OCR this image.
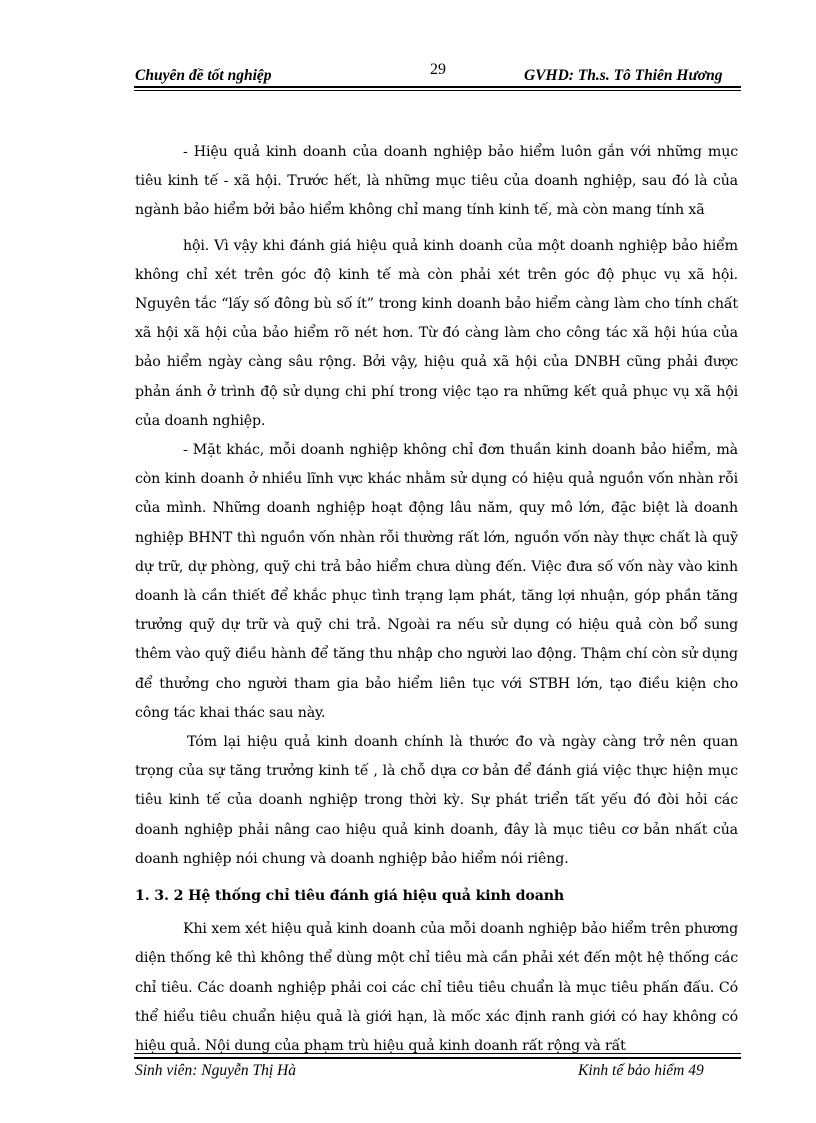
Chuyên đề tốt nghiệp	29	GVHD: Th.s. Tô Thiên Hương

- Hiệu quả kinh doanh của doanh nghiệp bảo hiểm luôn gắn với những mục tiêu kinh tế - xã hội. Trước hết, là những mục tiêu của doanh nghiệp, sau đó là của ngành bảo hiểm bởi bảo hiểm không chỉ mang tính kinh tế, mà còn mang tính xã

hội. Vì vậy khi đánh giá hiệu quả kinh doanh của một doanh nghiệp bảo hiểm không chỉ xét trên góc độ kinh tế mà còn phải xét trên góc độ phục vụ xã hội. Nguyên tắc “lấy số đông bù số ít” trong kinh doanh bảo hiểm càng làm cho tính chất xã hội xã hội của bảo hiểm rõ nét hơn. Từ đó càng làm cho công tác xã hội húa của bảo hiểm ngày càng sâu rộng. Bởi vậy, hiệu quả xã hội của DNBH cũng phải được phản ánh ở trình độ sử dụng chi phí trong việc tạo ra những kết quả phục vụ xã hội của doanh nghiệp.

- Mặt khác, mỗi doanh nghiệp không chỉ đơn thuần kinh doanh bảo hiểm, mà còn kinh doanh ở nhiều lĩnh vực khác nhằm sử dụng có hiệu quả nguồn vốn nhàn rỗi của mình. Những doanh nghiệp hoạt động lâu năm, quy mô lớn, đặc biệt là doanh nghiệp BHNT thì nguồn vốn nhàn rỗi thường rất lớn, nguồn vốn này thực chất là quỹ dự trữ, dự phòng, quỹ chi trả bảo hiểm chưa dùng đến. Việc đưa số vốn này vào kinh doanh là cần thiết để khắc phục tình trạng lạm phát, tăng lợi nhuận, góp phần tăng trưởng quỹ dự trữ và quỹ chi trả. Ngoài ra nếu sử dụng có hiệu quả còn bổ sung thêm vào quỹ điều hành để tăng thu nhập cho người lao động. Thậm chí còn sử dụng để thưởng cho người tham gia bảo hiểm liên tục với STBH lớn, tạo điều kiện cho công tác khai thác sau này.

Tóm lại hiệu quả kinh doanh chính là thước đo và ngày càng trở nên quan trọng của sự tăng trưởng kinh tế , là chỗ dựa cơ bản để đánh giá việc thực hiện mục tiêu kinh tế của doanh nghiệp trong thời kỳ. Sự phát triển tất yếu đó đòi hỏi các doanh nghiệp phải nâng cao hiệu quả kinh doanh, đây là mục tiêu cơ bản nhất của doanh nghiệp nói chung và doanh nghiệp bảo hiểm nói riêng.

1. 3. 2 Hệ thống chỉ tiêu đánh giá hiệu quả kinh doanh

Khi xem xét hiệu quả kinh doanh của mỗi doanh nghiệp bảo hiểm trên phương diện thống kê thì không thể dùng một chỉ tiêu mà cần phải xét đến một hệ thống các chỉ tiêu. Các doanh nghiệp phải coi các chỉ tiêu tiêu chuẩn là mục tiêu phấn đấu. Có thể hiểu tiêu chuẩn hiệu quả là giới hạn, là mốc xác định ranh giới có hay không có hiệu quả. Nội dung của phạm trù hiệu quả kinh doanh rất rộng và rất

Sinh viên: Nguyễn Thị Hà	Kinh tế bảo hiểm 49
